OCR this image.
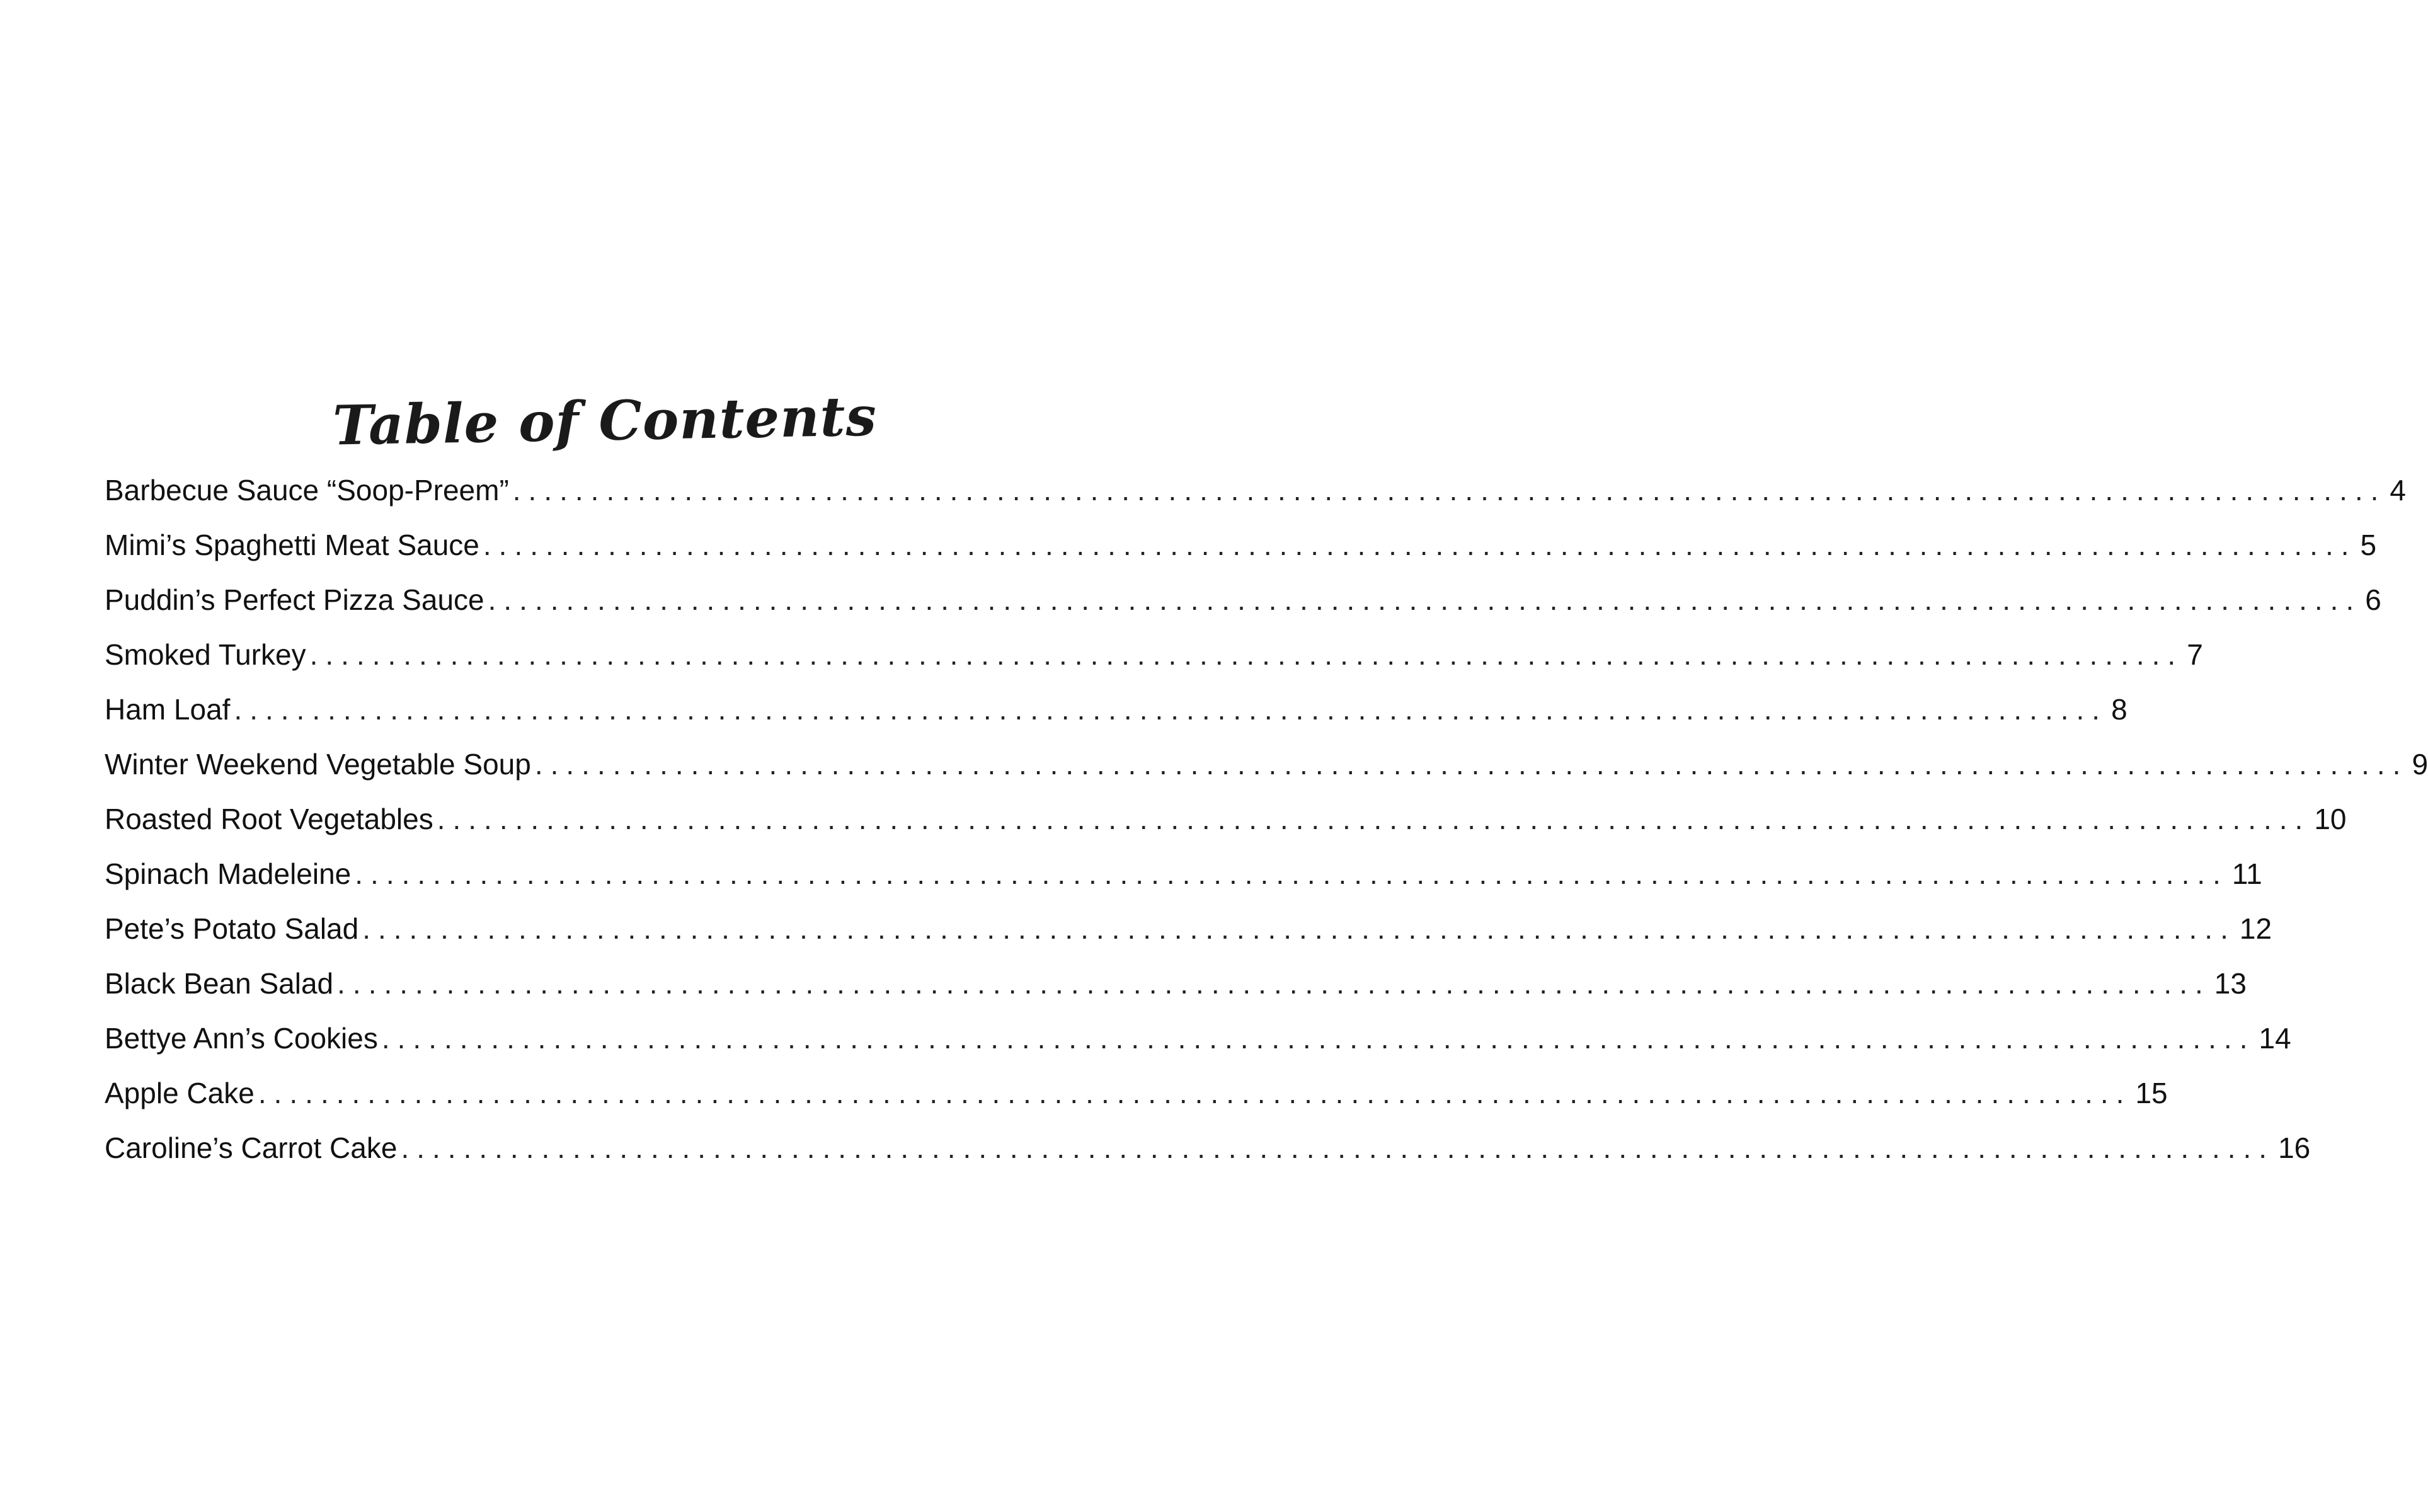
Table of Contents
Barbecue Sauce “Soop-Preem” ........................................................................................................................ 4
Mimi’s Spaghetti Meat Sauce ........................................................................................................................ 5
Puddin’s Perfect Pizza Sauce ........................................................................................................................ 6
Smoked Turkey ........................................................................................................................ 7
Ham Loaf ........................................................................................................................ 8
Winter Weekend Vegetable Soup ........................................................................................................................ 9
Roasted Root Vegetables ........................................................................................................................ 10
Spinach Madeleine ........................................................................................................................ 11
Pete’s Potato Salad ........................................................................................................................ 12
Black Bean Salad ........................................................................................................................ 13
Bettye Ann’s Cookies ........................................................................................................................ 14
Apple Cake ........................................................................................................................ 15
Caroline’s Carrot Cake ........................................................................................................................ 16
